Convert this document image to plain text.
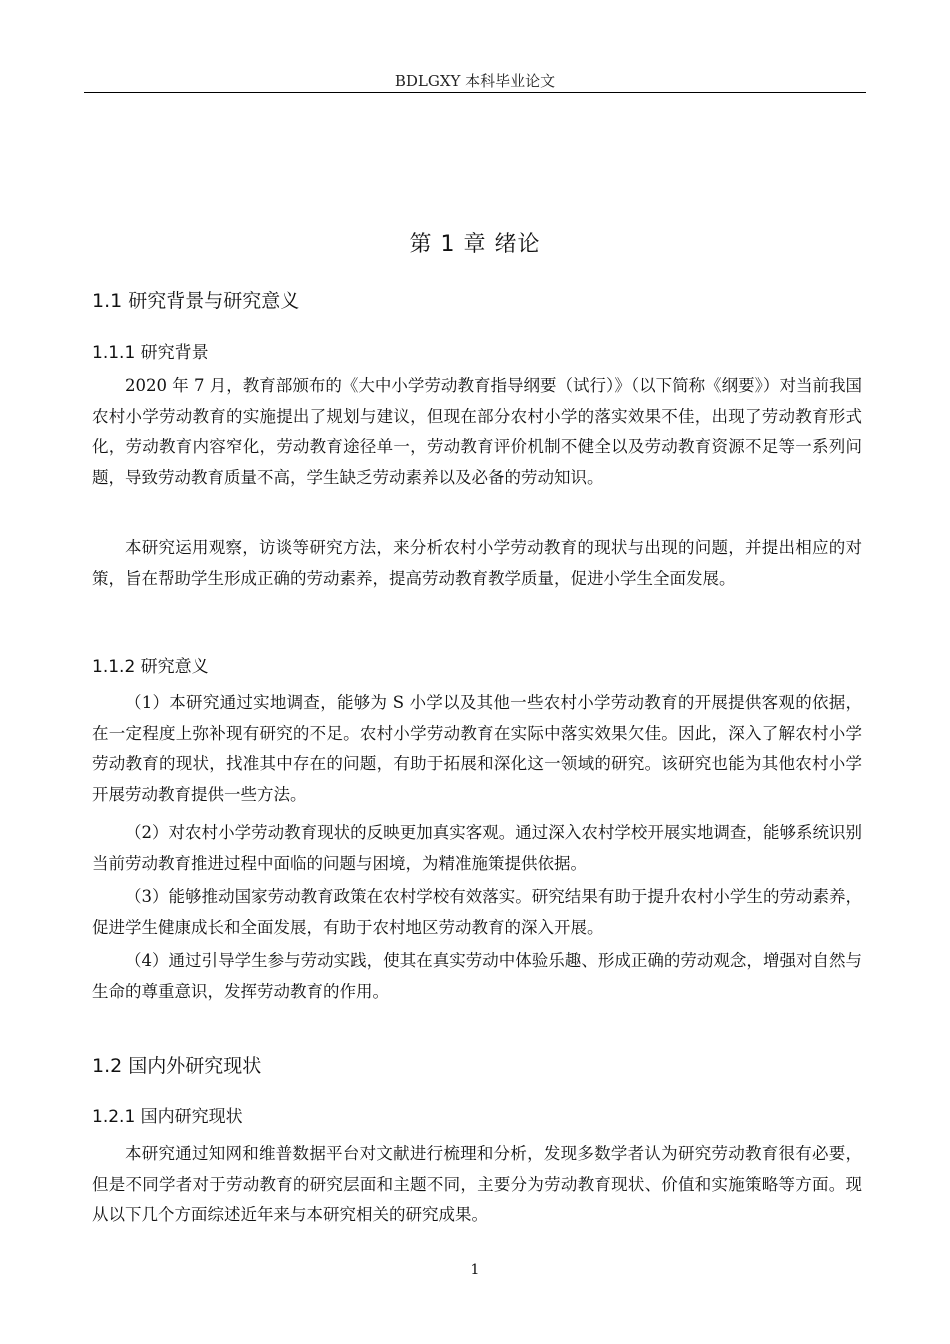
BDLGXY 本科毕业论文
第 1 章 绪论
1.1 研究背景与研究意义
1.1.1 研究背景

2020 年 7 月，教育部颁布的《大中小学劳动教育指导纲要（试行）》（以下简称《纲要》）对当前我国农村小学劳动教育的实施提出了规划与建议，但现在部分农村小学的落实效果不佳，出现了劳动教育形式化，劳动教育内容窄化，劳动教育途径单一，劳动教育评价机制不健全以及劳动教育资源不足等一系列问题，导致劳动教育质量不高，学生缺乏劳动素养以及必备的劳动知识。

本研究运用观察，访谈等研究方法，来分析农村小学劳动教育的现状与出现的问题，并提出相应的对策，旨在帮助学生形成正确的劳动素养，提高劳动教育教学质量，促进小学生全面发展。

1.1.2 研究意义

（1）本研究通过实地调查，能够为 S 小学以及其他一些农村小学劳动教育的开展提供客观的依据，在一定程度上弥补现有研究的不足。农村小学劳动教育在实际中落实效果欠佳。因此，深入了解农村小学劳动教育的现状，找准其中存在的问题，有助于拓展和深化这一领域的研究。该研究也能为其他农村小学开展劳动教育提供一些方法。

（2）对农村小学劳动教育现状的反映更加真实客观。通过深入农村学校开展实地调查，能够系统识别当前劳动教育推进过程中面临的问题与困境，为精准施策提供依据。

（3）能够推动国家劳动教育政策在农村学校有效落实。研究结果有助于提升农村小学生的劳动素养，促进学生健康成长和全面发展，有助于农村地区劳动教育的深入开展。

（4）通过引导学生参与劳动实践，使其在真实劳动中体验乐趣、形成正确的劳动观念，增强对自然与生命的尊重意识，发挥劳动教育的作用。

1.2 国内外研究现状
1.2.1 国内研究现状

本研究通过知网和维普数据平台对文献进行梳理和分析，发现多数学者认为研究劳动教育很有必要，但是不同学者对于劳动教育的研究层面和主题不同，主要分为劳动教育现状、价值和实施策略等方面。现从以下几个方面综述近年来与本研究相关的研究成果。

1
